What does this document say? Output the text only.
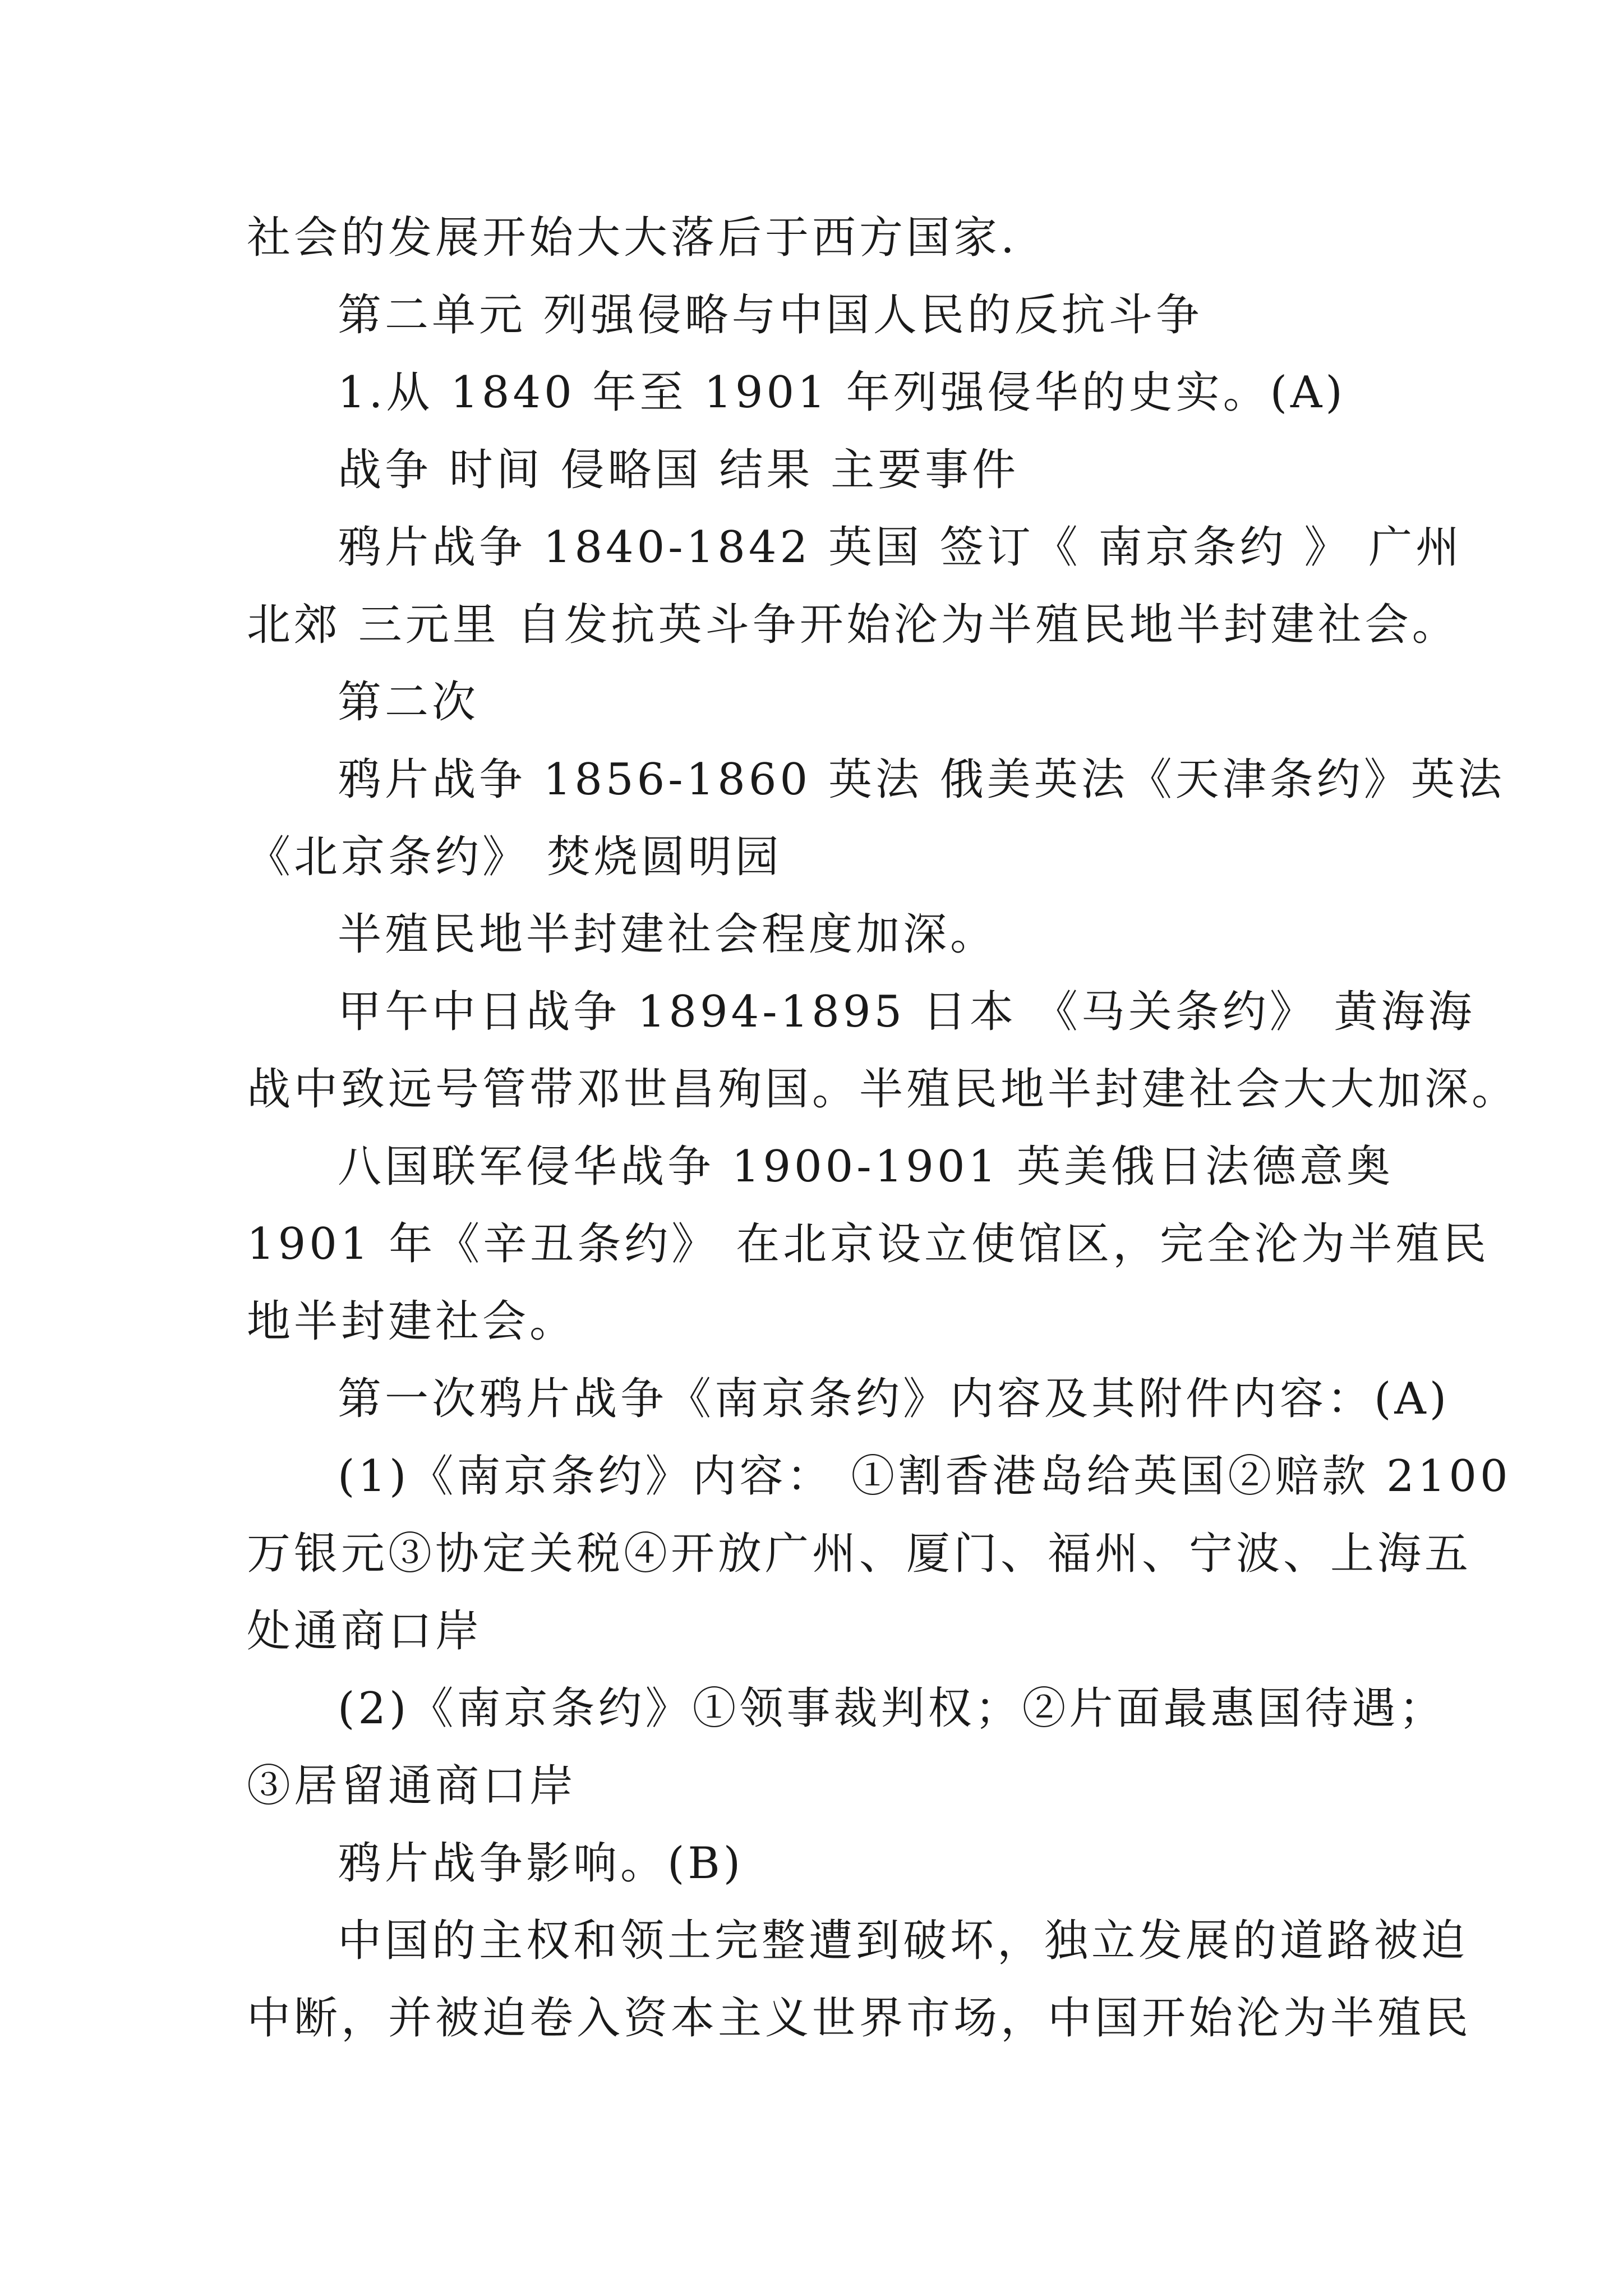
社会的发展开始大大落后于西方国家.
第二单元 列强侵略与中国人民的反抗斗争
1.从 1840 年至 1901 年列强侵华的史实。(A)
战争 时间 侵略国 结果 主要事件
鸦片战争 1840-1842 英国 签订《 南京条约 》 广州
北郊 三元里 自发抗英斗争开始沦为半殖民地半封建社会。
第二次
鸦片战争 1856-1860 英法 俄美英法《天津条约》英法
《北京条约》 焚烧圆明园
半殖民地半封建社会程度加深。
甲午中日战争 1894-1895 日本 《马关条约》 黄海海
战中致远号管带邓世昌殉国。半殖民地半封建社会大大加深。
八国联军侵华战争 1900-1901 英美俄日法德意奥
1901 年《辛丑条约》 在北京设立使馆区，完全沦为半殖民
地半封建社会。
第一次鸦片战争《南京条约》内容及其附件内容：(A)
(1)《南京条约》内容： ①割香港岛给英国②赔款 2100
万银元③协定关税④开放广州、厦门、福州、宁波、上海五
处通商口岸
(2)《南京条约》①领事裁判权；②片面最惠国待遇；
③居留通商口岸
鸦片战争影响。(B)
中国的主权和领土完整遭到破坏，独立发展的道路被迫
中断，并被迫卷入资本主义世界市场，中国开始沦为半殖民
